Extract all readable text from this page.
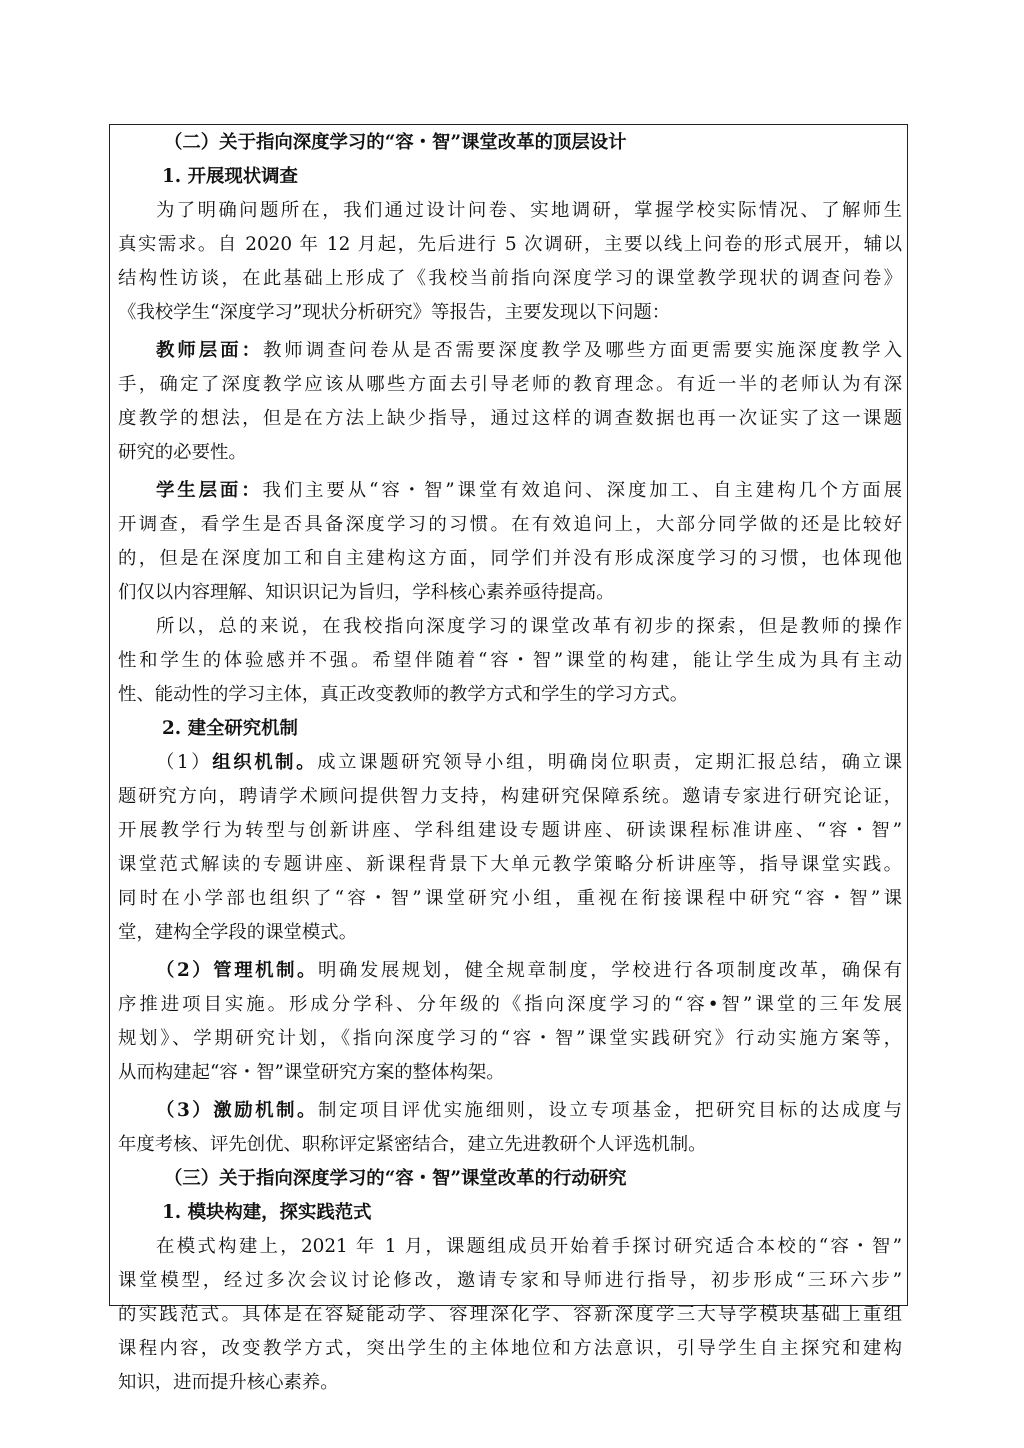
（二）关于指向深度学习的“容・智”课堂改革的顶层设计
1. 开展现状调查
为了明确问题所在，我们通过设计问卷、实地调研，掌握学校实际情况、了解师生
真实需求。自 2020 年 12 月起，先后进行 5 次调研，主要以线上问卷的形式展开，辅以
结构性访谈，在此基础上形成了《我校当前指向深度学习的课堂教学现状的调查问卷》
《我校学生“深度学习”现状分析研究》等报告，主要发现以下问题：
教师层面：教师调查问卷从是否需要深度教学及哪些方面更需要实施深度教学入
手，确定了深度教学应该从哪些方面去引导老师的教育理念。有近一半的老师认为有深
度教学的想法，但是在方法上缺少指导，通过这样的调查数据也再一次证实了这一课题
研究的必要性。
学生层面：我们主要从“容・智”课堂有效追问、深度加工、自主建构几个方面展
开调查，看学生是否具备深度学习的习惯。在有效追问上，大部分同学做的还是比较好
的，但是在深度加工和自主建构这方面，同学们并没有形成深度学习的习惯，也体现他
们仅以内容理解、知识识记为旨归，学科核心素养亟待提高。
所以，总的来说，在我校指向深度学习的课堂改革有初步的探索，但是教师的操作
性和学生的体验感并不强。希望伴随着“容・智”课堂的构建，能让学生成为具有主动
性、能动性的学习主体，真正改变教师的教学方式和学生的学习方式。
2. 建全研究机制
（1）组织机制。成立课题研究领导小组，明确岗位职责，定期汇报总结，确立课
题研究方向，聘请学术顾问提供智力支持，构建研究保障系统。邀请专家进行研究论证，
开展教学行为转型与创新讲座、学科组建设专题讲座、研读课程标准讲座、“容・智”
课堂范式解读的专题讲座、新课程背景下大单元教学策略分析讲座等，指导课堂实践。
同时在小学部也组织了“容・智”课堂研究小组，重视在衔接课程中研究“容・智”课
堂，建构全学段的课堂模式。
（2）管理机制。明确发展规划，健全规章制度，学校进行各项制度改革，确保有
序推进项目实施。形成分学科、分年级的《指向深度学习的“容•智”课堂的三年发展
规划》、学期研究计划，《指向深度学习的“容・智”课堂实践研究》行动实施方案等，
从而构建起“容・智”课堂研究方案的整体构架。
（3）激励机制。制定项目评优实施细则，设立专项基金，把研究目标的达成度与
年度考核、评先创优、职称评定紧密结合，建立先进教研个人评选机制。
（三）关于指向深度学习的“容・智”课堂改革的行动研究
1. 模块构建，探实践范式
在模式构建上，2021 年 1 月，课题组成员开始着手探讨研究适合本校的“容・智”
课堂模型，经过多次会议讨论修改，邀请专家和导师进行指导，初步形成“三环六步”
的实践范式。具体是在容疑能动学、容理深化学、容新深度学三大导学模块基础上重组
课程内容，改变教学方式，突出学生的主体地位和方法意识，引导学生自主探究和建构
知识，进而提升核心素养。
